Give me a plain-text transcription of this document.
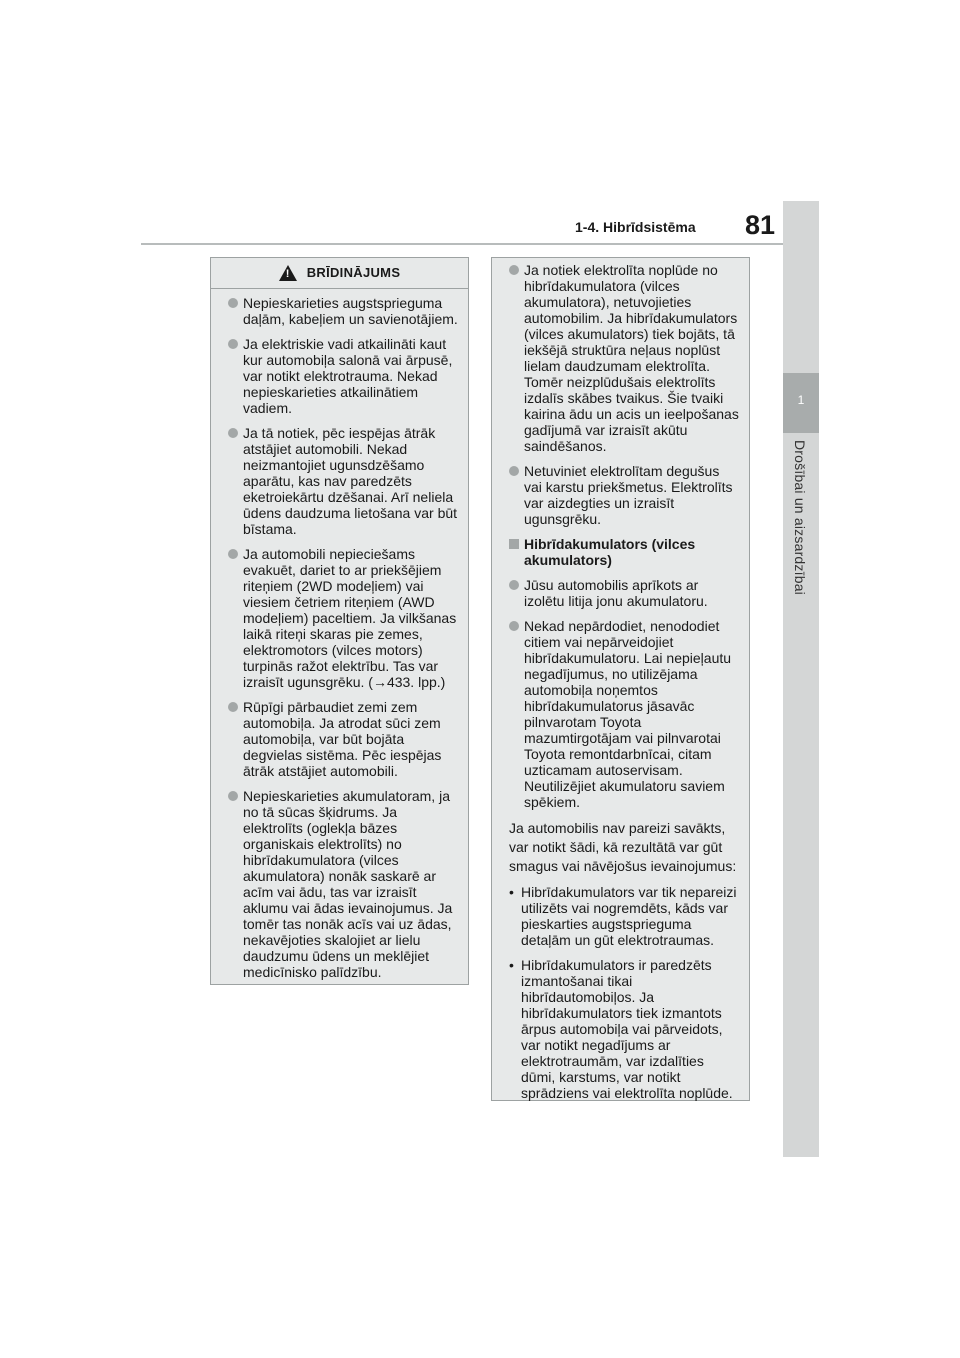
1-4. Hibrīdsistēma 81
1
Drošībai un aizsardzībai
!
BRĪDINĀJUMS
Nepieskarieties augstsprieguma daļām, kabeļiem un savienotājiem.
Ja elektriskie vadi atkailināti kaut kur automobiļa salonā vai ārpusē, var notikt elektrotrauma. Nekad nepieskarieties atkailinātiem vadiem.
Ja tā notiek, pēc iespējas ātrāk atstājiet automobili. Nekad neizmantojiet ugunsdzēšamo aparātu, kas nav paredzēts eketroiekārtu dzēšanai. Arī neliela ūdens daudzuma lietošana var būt bīstama.
Ja automobili nepieciešams evakuēt, dariet to ar priekšējiem riteņiem (2WD modeļiem) vai viesiem četriem riteņiem (AWD modeļiem) paceltiem. Ja vilkšanas laikā riteņi skaras pie zemes, elektromotors (vilces motors) turpinās ražot elektrību. Tas var izraisīt ugunsgrēku. (→433. lpp.)
Rūpīgi pārbaudiet zemi zem automobiļa. Ja atrodat sūci zem automobiļa, var būt bojāta degvielas sistēma. Pēc iespējas ātrāk atstājiet automobili.
Nepieskarieties akumulatoram, ja no tā sūcas šķidrums. Ja elektrolīts (oglekļa bāzes organiskais elektrolīts) no hibrīdakumulatora (vilces akumulatora) nonāk saskarē ar acīm vai ādu, tas var izraisīt aklumu vai ādas ievainojumus. Ja tomēr tas nonāk acīs vai uz ādas, nekavējoties skalojiet ar lielu daudzumu ūdens un meklējiet medicīnisko palīdzību.
Ja notiek elektrolīta noplūde no hibrīdakumulatora (vilces akumulatora), netuvojieties automobilim. Ja hibrīdakumulators (vilces akumulators) tiek bojāts, tā iekšējā struktūra neļaus noplūst lielam daudzumam elektrolīta. Tomēr neizplūdušais elektrolīts izdalīs skābes tvaikus. Šie tvaiki kairina ādu un acis un ieelpošanas gadījumā var izraisīt akūtu saindēšanos.
Netuviniet elektrolītam degušus vai karstu priekšmetus. Elektrolīts var aizdegties un izraisīt ugunsgrēku.
Hibrīdakumulators (vilces akumulators)
Jūsu automobilis aprīkots ar izolētu litija jonu akumulatoru.
Nekad nepārdodiet, nenododiet citiem vai nepārveidojiet hibrīdakumulatoru. Lai nepieļautu negadījumus, no utilizējama automobiļa noņemtos hibrīdakumulatorus jāsavāc pilnvarotam Toyota mazumtirgotājam vai pilnvarotai Toyota remontdarbnīcai, citam uzticamam autoservisam. Neutilizējiet akumulatoru saviem spēkiem.
Ja automobilis nav pareizi savākts,
var notikt šādi, kā rezultātā var gūt
smagus vai nāvējošus ievainojumus:
• Hibrīdakumulators var tik nepareizi utilizēts vai nogremdēts, kāds var pieskarties augstsprieguma detaļām un gūt elektrotraumas.
• Hibrīdakumulators ir paredzēts izmantošanai tikai hibrīdautomobiļos. Ja hibrīdakumulators tiek izmantots ārpus automobiļa vai pārveidots, var notikt negadījums ar elektrotraumām, var izdalīties dūmi, karstums, var notikt sprādziens vai elektrolīta noplūde.
